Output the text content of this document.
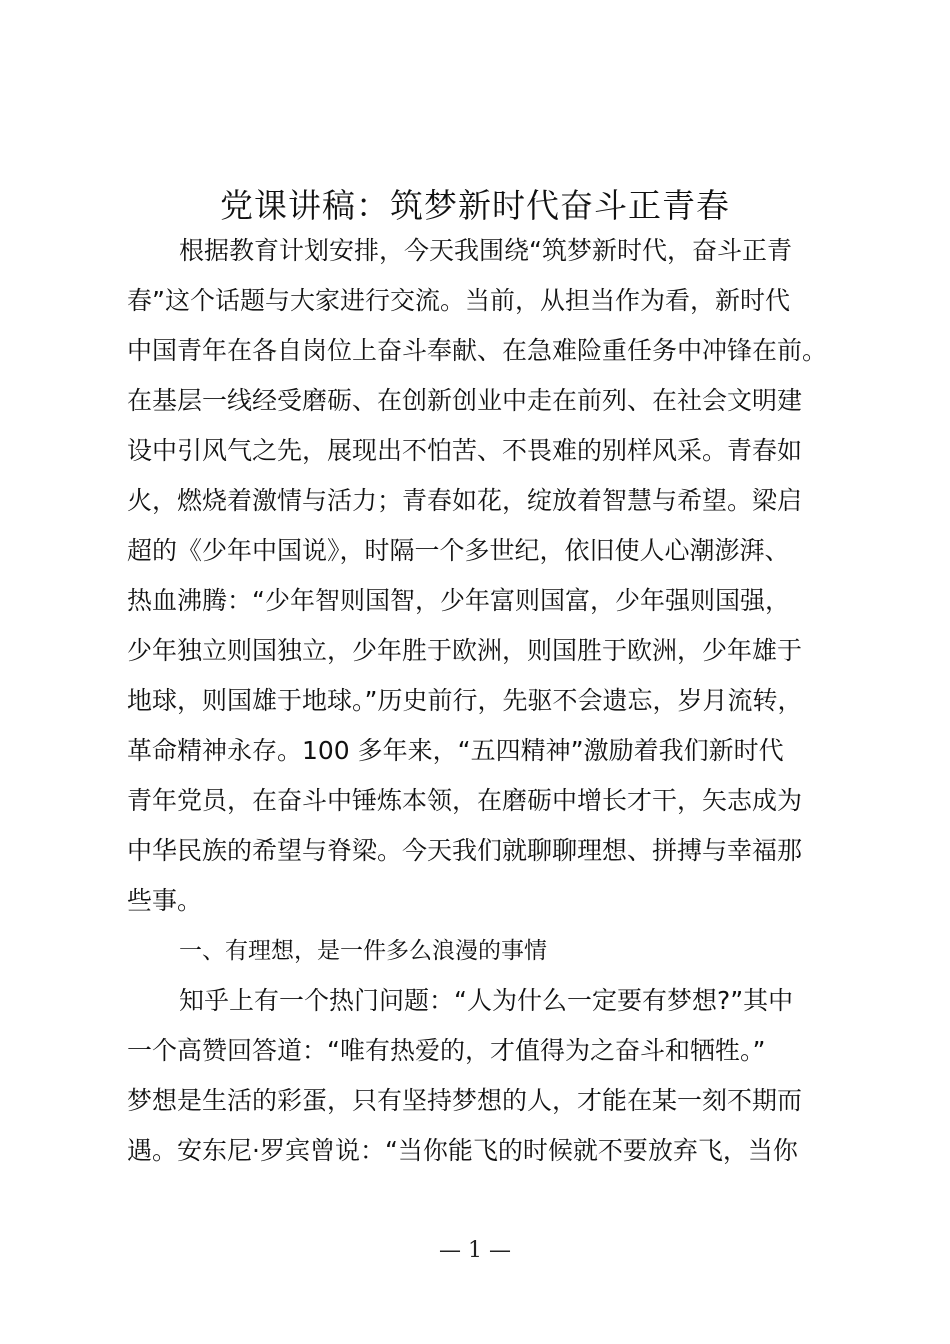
党课讲稿：筑梦新时代奋斗正青春
根据教育计划安排，今天我围绕“筑梦新时代，奋斗正青
春”这个话题与大家进行交流。当前，从担当作为看，新时代
中国青年在各自岗位上奋斗奉献、在急难险重任务中冲锋在前。
在基层一线经受磨砺、在创新创业中走在前列、在社会文明建
设中引风气之先，展现出不怕苦、不畏难的别样风采。青春如
火，燃烧着激情与活力；青春如花，绽放着智慧与希望。梁启
超的《少年中国说》，时隔一个多世纪，依旧使人心潮澎湃、
热血沸腾：“少年智则国智，少年富则国富，少年强则国强，
少年独立则国独立，少年胜于欧洲，则国胜于欧洲，少年雄于
地球，则国雄于地球。”历史前行，先驱不会遗忘，岁月流转，
革命精神永存。100 多年来，“五四精神”激励着我们新时代
青年党员，在奋斗中锤炼本领，在磨砺中增长才干，矢志成为
中华民族的希望与脊梁。今天我们就聊聊理想、拼搏与幸福那
些事。
一、有理想，是一件多么浪漫的事情
知乎上有一个热门问题：“人为什么一定要有梦想?”其中
一个高赞回答道：“唯有热爱的，才值得为之奋斗和牺牲。”
梦想是生活的彩蛋，只有坚持梦想的人，才能在某一刻不期而
遇。安东尼·罗宾曾说：“当你能飞的时候就不要放弃飞，当你
— 1 —
